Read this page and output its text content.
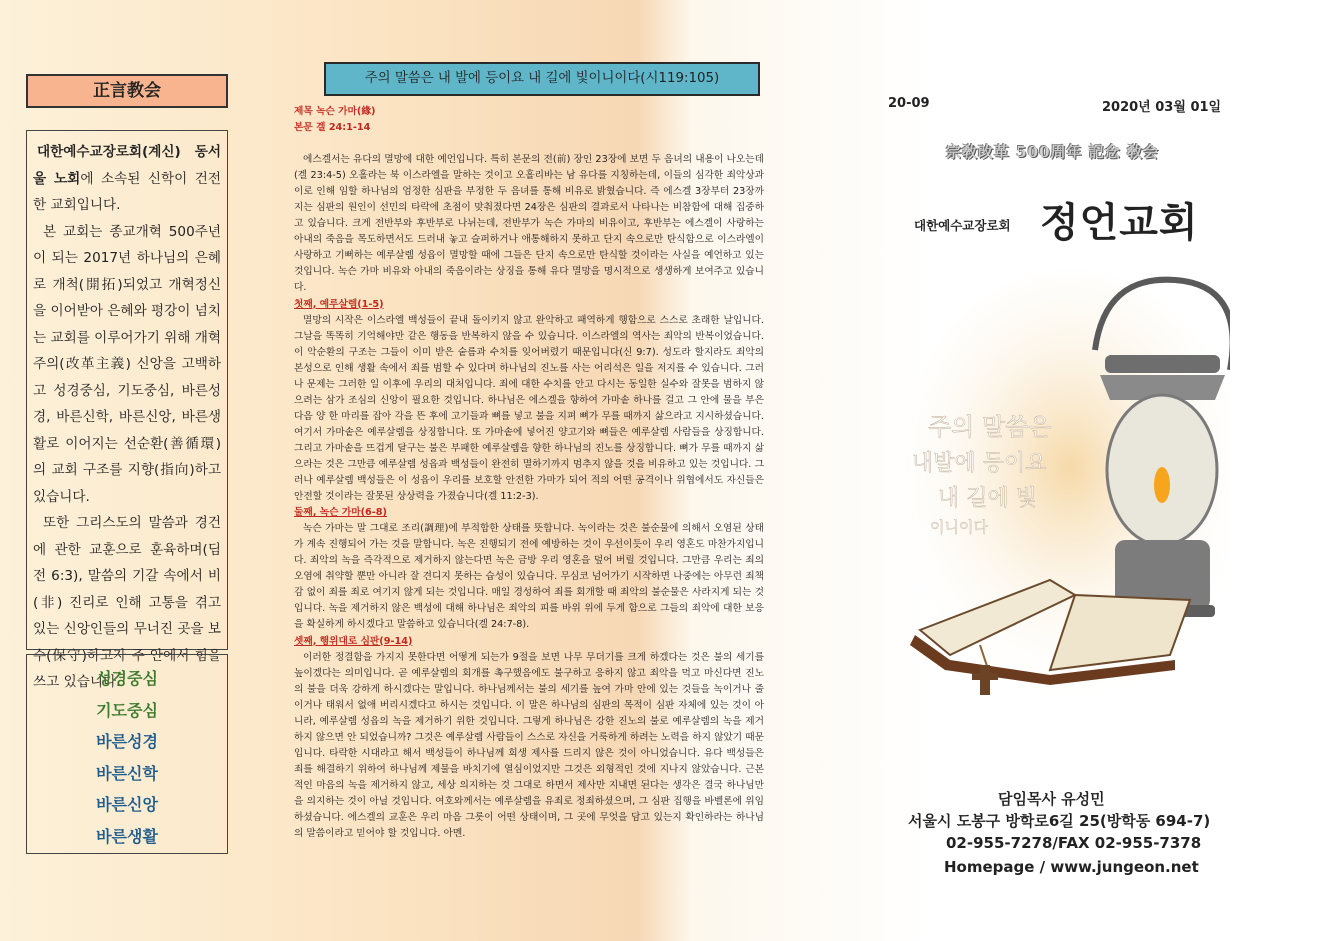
正言教会

대한예수교장로회(계신) 동서울 노회에 소속된 신학이 건전한 교회입니다.

본 교회는 종교개혁 500주년이 되는 2017년 하나님의 은혜로 개척(開拓)되었고 개혁정신을 이어받아 은혜와 평강이 넘치는 교회를 이루어가기 위해 개혁주의(改革主義) 신앙을 고백하고 성경중심, 기도중심, 바른성경, 바른신학, 바른신앙, 바른생활로 이어지는 선순환(善循環)의 교회 구조를 지향(指向)하고 있습니다.

또한 그리스도의 말씀과 경건에 관한 교훈으로 훈육하며(딤전 6:3), 말씀의 기갈 속에서 비(非) 진리로 인해 고통을 겪고 있는 신앙인들의 무너진 곳을 보수(保守)하고자 주 안에서 힘을 쓰고 있습니다.

성경중심
기도중심
바른성경
바른신학
바른신앙
바른생활
주의 말씀은 내 발에 등이요 내 길에 빛이니이다(시119:105)
제목 녹슨 가마(緣)
본문 겔 24:1-14

에스겔서는 유다의 멸망에 대한 예언입니다. 특히 본문의 전(前) 장인 23장에 보면 두 음녀의 내용이 나오는데(겔 23:4-5) 오홀라는 북 이스라엘을 말하는 것이고 오홀리바는 남 유다를 지칭하는데, 이들의 심각한 죄악상과 이로 인해 임할 하나님의 엄정한 심판을 부정한 두 음녀를 통해 비유로 밝혔습니다. 즉 에스겔 3장부터 23장까지는 심판의 원인이 선민의 타락에 초점이 맞춰졌다면 24장은 심판의 결과로서 나타나는 비참함에 대해 집중하고 있습니다. 크게 전반부와 후반부로 나뉘는데, 전반부가 녹슨 가마의 비유이고, 후반부는 에스겔이 사랑하는 아내의 죽음을 목도하면서도 드러내 놓고 슬퍼하거나 애통해하지 못하고 단지 속으로만 탄식함으로 이스라엘이 사랑하고 기뻐하는 예루살렘 성읍이 멸망할 때에 그들은 단지 속으로만 탄식할 것이라는 사실을 예언하고 있는 것입니다. 녹슨 가마 비유와 아내의 죽음이라는 상징을 통해 유다 멸망을 명시적으로 생생하게 보여주고 있습니다.

첫째, 예루살렘(1-5)

멸망의 시작은 이스라엘 백성들이 끝내 돌이키지 않고 완악하고 패역하게 행함으로 스스로 초래한 날입니다. 그날을 똑똑히 기억해야만 같은 행동을 반복하지 않을 수 있습니다. 이스라엘의 역사는 죄악의 반복이었습니다. 이 악순환의 구조는 그들이 이미 받은 숱름과 수치를 잊어버렸기 때문입니다(신 9:7). 성도라 할지라도 죄악의 본성으로 인해 생활 속에서 죄를 범할 수 있다며 하나님의 진노를 사는 어리석은 일을 저지를 수 있습니다. 그러나 문제는 그러한 일 이후에 우리의 대처입니다. 죄에 대한 수치를 안고 다시는 동일한 실수와 잘못을 범하지 않으려는 삼가 조심의 신앙이 필요한 것입니다. 하나님은 에스겔을 향하여 가마솥 하나를 걸고 그 안에 물을 부은 다음 양 한 마리를 잡아 각을 뜬 후에 고기들과 뼈를 넣고 불을 지펴 뼈가 무를 때까지 삶으라고 지시하셨습니다. 여기서 가마솥은 예루살렘을 상징합니다. 또 가마솥에 넣어진 양고기와 뼈들은 예루살렘 사람들을 상징합니다. 그리고 가마솥을 뜨겁게 달구는 불은 부패한 예루살렘을 향한 하나님의 진노를 상징합니다. 뼈가 무를 때까지 삶으라는 것은 그만큼 예루살렘 성읍과 백성들이 완전히 멸하기까지 멈추지 않을 것을 비유하고 있는 것입니다. 그러나 예루살렘 백성들은 이 성읍이 우리를 보호할 안전한 가마가 되어 적의 어떤 공격이나 위협에서도 자신들은 안전할 것이라는 잘못된 상상력을 가졌습니다(겔 11:2-3).

둘째, 녹슨 가마(6-8)

녹슨 가마는 말 그대로 조리(調理)에 부적합한 상태를 뜻합니다. 녹이라는 것은 불순물에 의해서 오염된 상태가 계속 진행되어 가는 것을 말합니다. 녹은 진행되기 전에 예방하는 것이 우선이듯이 우리 영혼도 마찬가지입니다. 죄악의 녹을 즉각적으로 제거하지 않는다면 녹은 금방 우리 영혼을 덮어 버릴 것입니다. 그만큼 우리는 죄의 오염에 취약할 뿐만 아니라 잘 견디지 못하는 습성이 있습니다. 무심코 넘어가기 시작하면 나중에는 아무런 죄책감 없이 죄를 죄로 여기지 않게 되는 것입니다. 매일 경성하여 죄를 회개할 때 죄악의 불순물은 사라지게 되는 것입니다. 녹을 제거하지 않은 백성에 대해 하나님은 죄악의 피를 바위 위에 두게 함으로 그들의 죄악에 대한 보응을 확실하게 하시겠다고 말씀하고 있습니다(겔 24:7-8).

셋째, 행위대로 심판(9-14)

이러한 정결함을 가지지 못한다면 어떻게 되는가 9절을 보면 나무 무더기를 크게 하겠다는 것은 불의 세기를 높이겠다는 의미입니다. 곧 예루살렘의 회개를 촉구했음에도 불구하고 응하지 않고 죄악을 먹고 마신다면 진노의 불을 더욱 강하게 하시겠다는 말입니다. 하나님께서는 불의 세기를 높여 가마 안에 있는 것들을 녹이거나 줄이거나 태워서 없애 버리시겠다고 하시는 것입니다. 이 말은 하나님의 심판의 목적이 심판 자체에 있는 것이 아니라, 예루살렘 성읍의 녹을 제거하기 위한 것입니다. 그렇게 하나님은 강한 진노의 불로 예루살렘의 녹을 제거하지 않으면 안 되었습니까? 그것은 예루살렘 사람들이 스스로 자신을 거룩하게 하려는 노력을 하지 않았기 때문입니다. 타락한 시대라고 해서 백성들이 하나님께 희생 제사를 드리지 않은 것이 아니었습니다. 유다 백성들은 죄를 해결하기 위하여 하나님께 제물을 바치기에 열심이었지만 그것은 외형적인 것에 지나지 않았습니다. 근본적인 마음의 녹을 제거하지 않고, 세상 의지하는 것 그대로 하면서 제사만 지내면 된다는 생각은 결국 하나님만을 의지하는 것이 아닐 것입니다. 여호와께서는 예루살렘을 유죄로 정죄하셨으며, 그 심판 집행을 바벨론에 위임하셨습니다. 에스겔의 교훈은 우리 마음 그릇이 어떤 상태이며, 그 곳에 무엇을 담고 있는지 확인하라는 하나님의 말씀이라고 믿어야 할 것입니다. 아멘.

20-09	2020년 03월 01일
宗敎改革 500周年 記念 敎会
대한예수교장로회 정언교회
주의 말씀은
내발에 등이요
내 길에 빛
이니이다
담임목사 유성민
서울시 도봉구 방학로6길 25(방학동 694-7)
02-955-7278/FAX 02-955-7378
Homepage / www.jungeon.net
